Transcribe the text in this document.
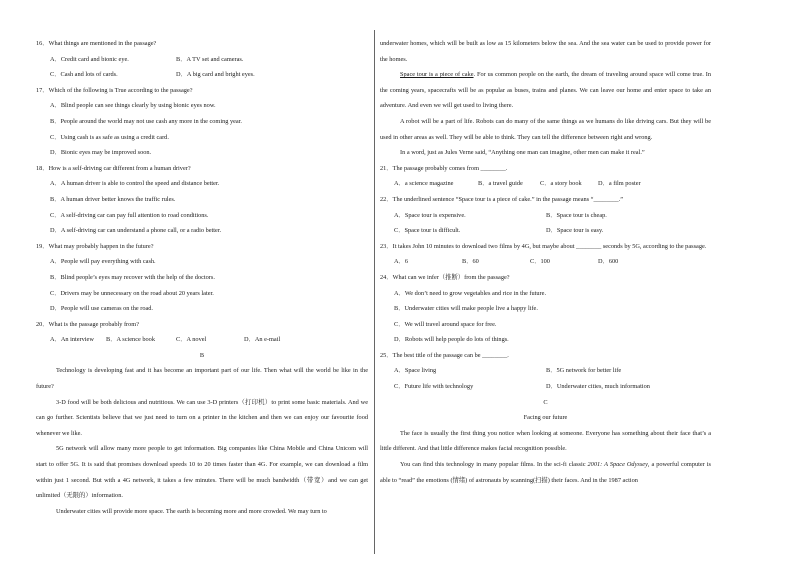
16．What things are mentioned in the passage?
A．Credit card and bionic eye.	B．A TV set and cameras.
C．Cash and lots of cards.	D．A big card and bright eyes.
17．Which of the following is True according to the passage?
A．Blind people can see things clearly by using bionic eyes now.
B．People around the world may not use cash any more in the coming year.
C．Using cash is as safe as using a credit card.
D．Bionic eyes may be improved soon.
18．How is a self-driving car different from a human driver?
A．A human driver is able to control the speed and distance better.
B．A human driver better knows the traffic rules.
C．A self-driving car can pay full attention to road conditions.
D．A self-driving car can understand a phone call, or a radio better.
19．What may probably happen in the future?
A．People will pay everything with cash.
B．Blind people’s eyes may recover with the help of the doctors.
C．Drivers may be unnecessary on the road about 20 years later.
D．People will use cameras on the road.
20．What is the passage probably from?
A．An interview	B．A science book	C．A novel	D．An e-mail
B
Technology is developing fast and it has become an important part of our life. Then what will the world be like in the future?
3-D food will be both delicious and nutritious. We can use 3-D printers（打印机）to print some basic materials. And we can go further. Scientists believe that we just need to turn on a printer in the kitchen and then we can enjoy our favourite food whenever we like.
5G network will allow many more people to get information. Big companies like China Mobile and China Unicom will start to offer 5G. It is said that promises download speeds 10 to 20 times faster than 4G. For example, we can download a film within just 1 second. But with a 4G network, it takes a few minutes. There will be much bandwidth（带宽）and we can get unlimited（无限的）information.
Underwater cities will provide more space. The earth is becoming more and more crowded. We may turn to
underwater homes, which will be built as low as 15 kilometers below the sea. And the sea water can be used to provide power for the homes.
Space tour is a piece of cake. For us common people on the earth, the dream of traveling around space will come true. In the coming years, spacecrafts will be as popular as buses, trains and planes. We can leave our home and enter space to take an adventure. And even we will get used to living there.
A robot will be a part of life. Robots can do many of the same things as we humans do like driving cars. But they will be used in other areas as well. They will be able to think. They can tell the difference between right and wrong.
In a word, just as Jules Verne said, “Anything one man can imagine, other men can make it real.”
21．The passage probably comes from ________.
A．a science magazine	B．a travel guide	C．a story book	D．a film poster
22．The underlined sentence “Space tour is a piece of cake.” in the passage means “________.”
A．Space tour is expensive.	B．Space tour is cheap.
C．Space tour is difficult.	D．Space tour is easy.
23．It takes John 10 minutes to download two films by 4G, but maybe about ________ seconds by 5G, according to the passage.
A．6	B．60	C．100	D．600
24．What can we infer（推断）from the passage?
A．We don’t need to grow vegetables and rice in the future.
B．Underwater cities will make people live a happy life.
C．We will travel around space for free.
D．Robots will help people do lots of things.
25．The best title of the passage can be ________.
A．Space living	B．5G network for better life
C．Future life with technology	D．Underwater cities, much information
C
Facing our future
The face is usually the first thing you notice when looking at someone. Everyone has something about their face that’s a little different. And that little difference makes facial recognition possible.
You can find this technology in many popular films. In the sci-fi classic 2001: A Space Odyssey, a powerful computer is able to “read” the emotions (情绪) of astronauts by scanning(扫描) their faces. And in the 1987 action
